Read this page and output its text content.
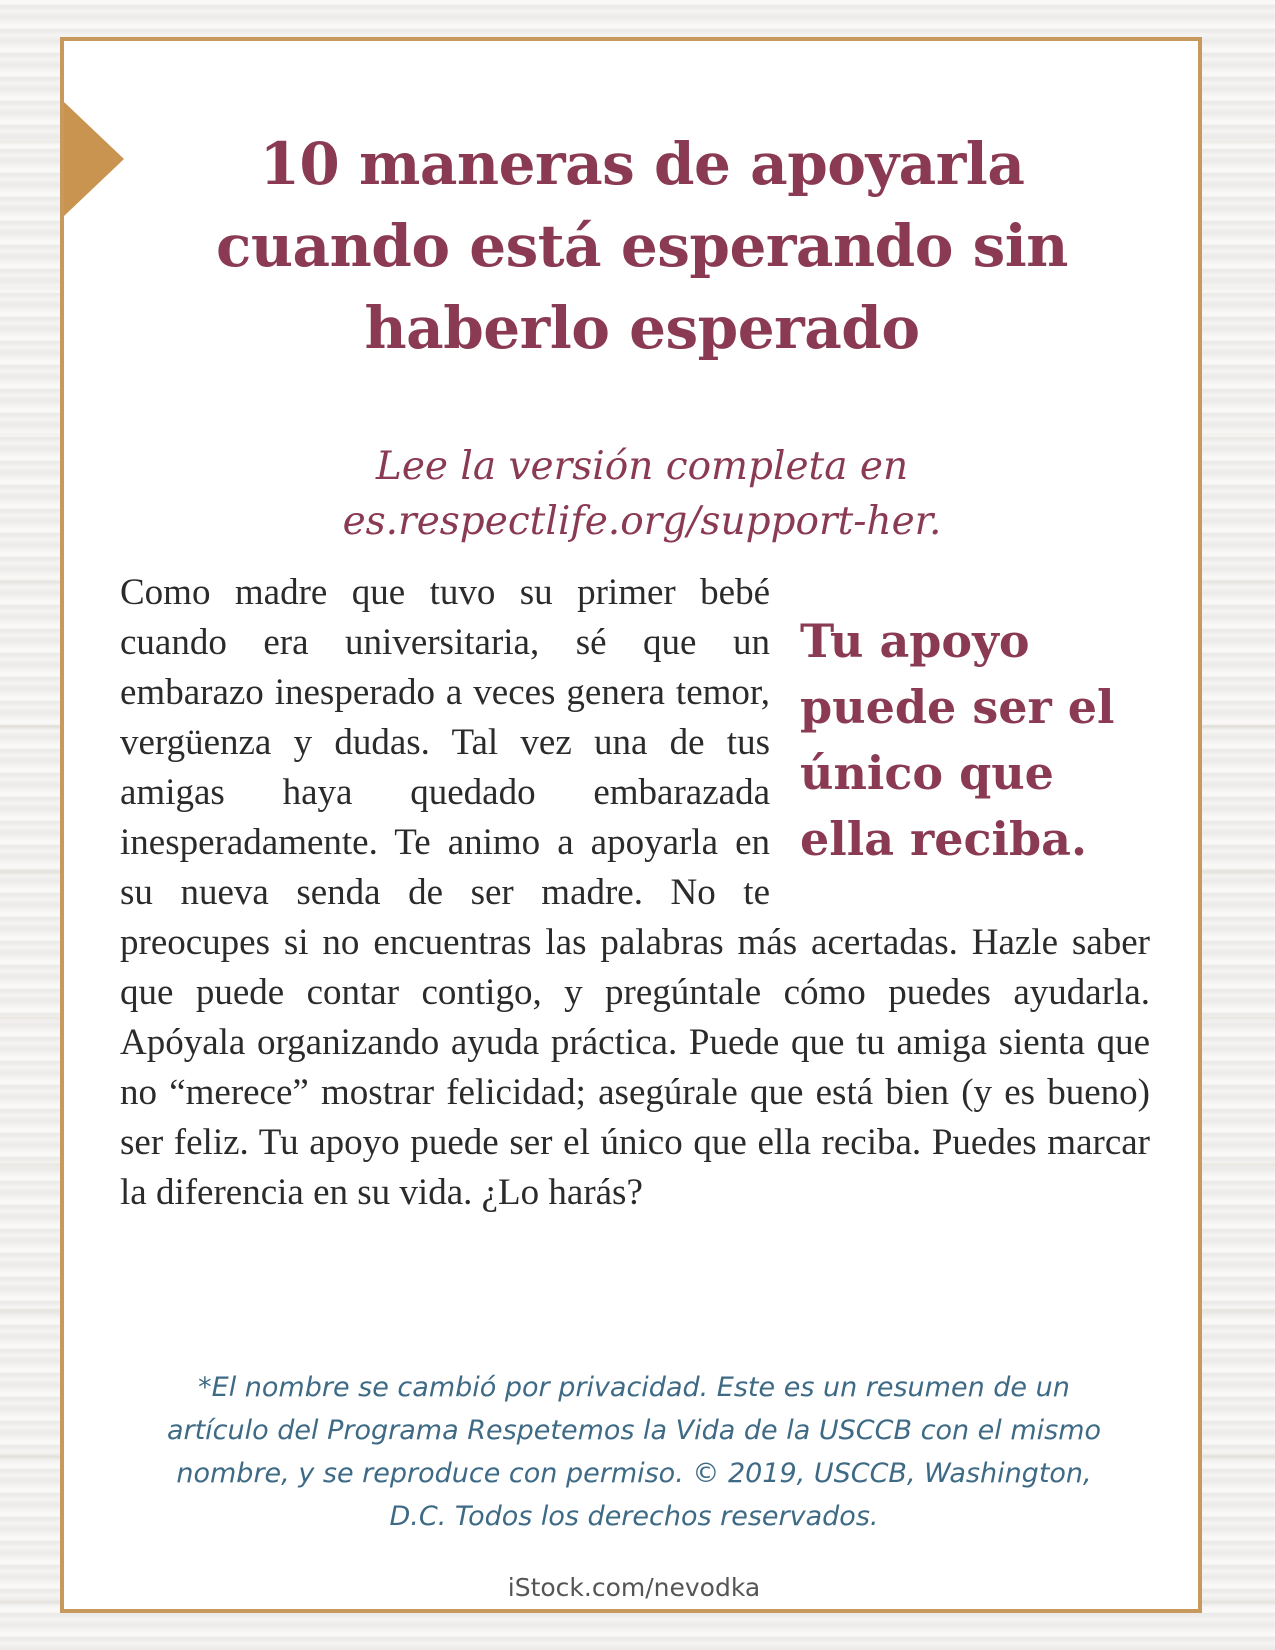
10 maneras de apoyarla cuando está esperando sin haberlo esperado

Lee la versión completa en es.respectlife.org/support-her.

Tu apoyo puede ser el único que ella reciba.
Como madre que tuvo su primer bebé cuando era universitaria, sé que un embarazo inesperado a veces genera temor, vergüenza y dudas. Tal vez una de tus amigas haya quedado embarazada inesperadamente. Te animo a apoyarla en su nueva senda de ser madre. No te preocupes si no encuentras las palabras más acertadas. Hazle saber que puede contar contigo, y pregúntale cómo puedes ayudarla. Apóyala organizando ayuda práctica. Puede que tu amiga sienta que no “merece” mostrar felicidad; asegúrale que está bien (y es bueno) ser feliz. Tu apoyo puede ser el único que ella reciba. Puedes marcar la diferencia en su vida. ¿Lo harás?

*El nombre se cambió por privacidad. Este es un resumen de un artículo del Programa Respetemos la Vida de la USCCB con el mismo nombre, y se reproduce con permiso. © 2019, USCCB, Washington, D.C. Todos los derechos reservados.

iStock.com/nevodka
